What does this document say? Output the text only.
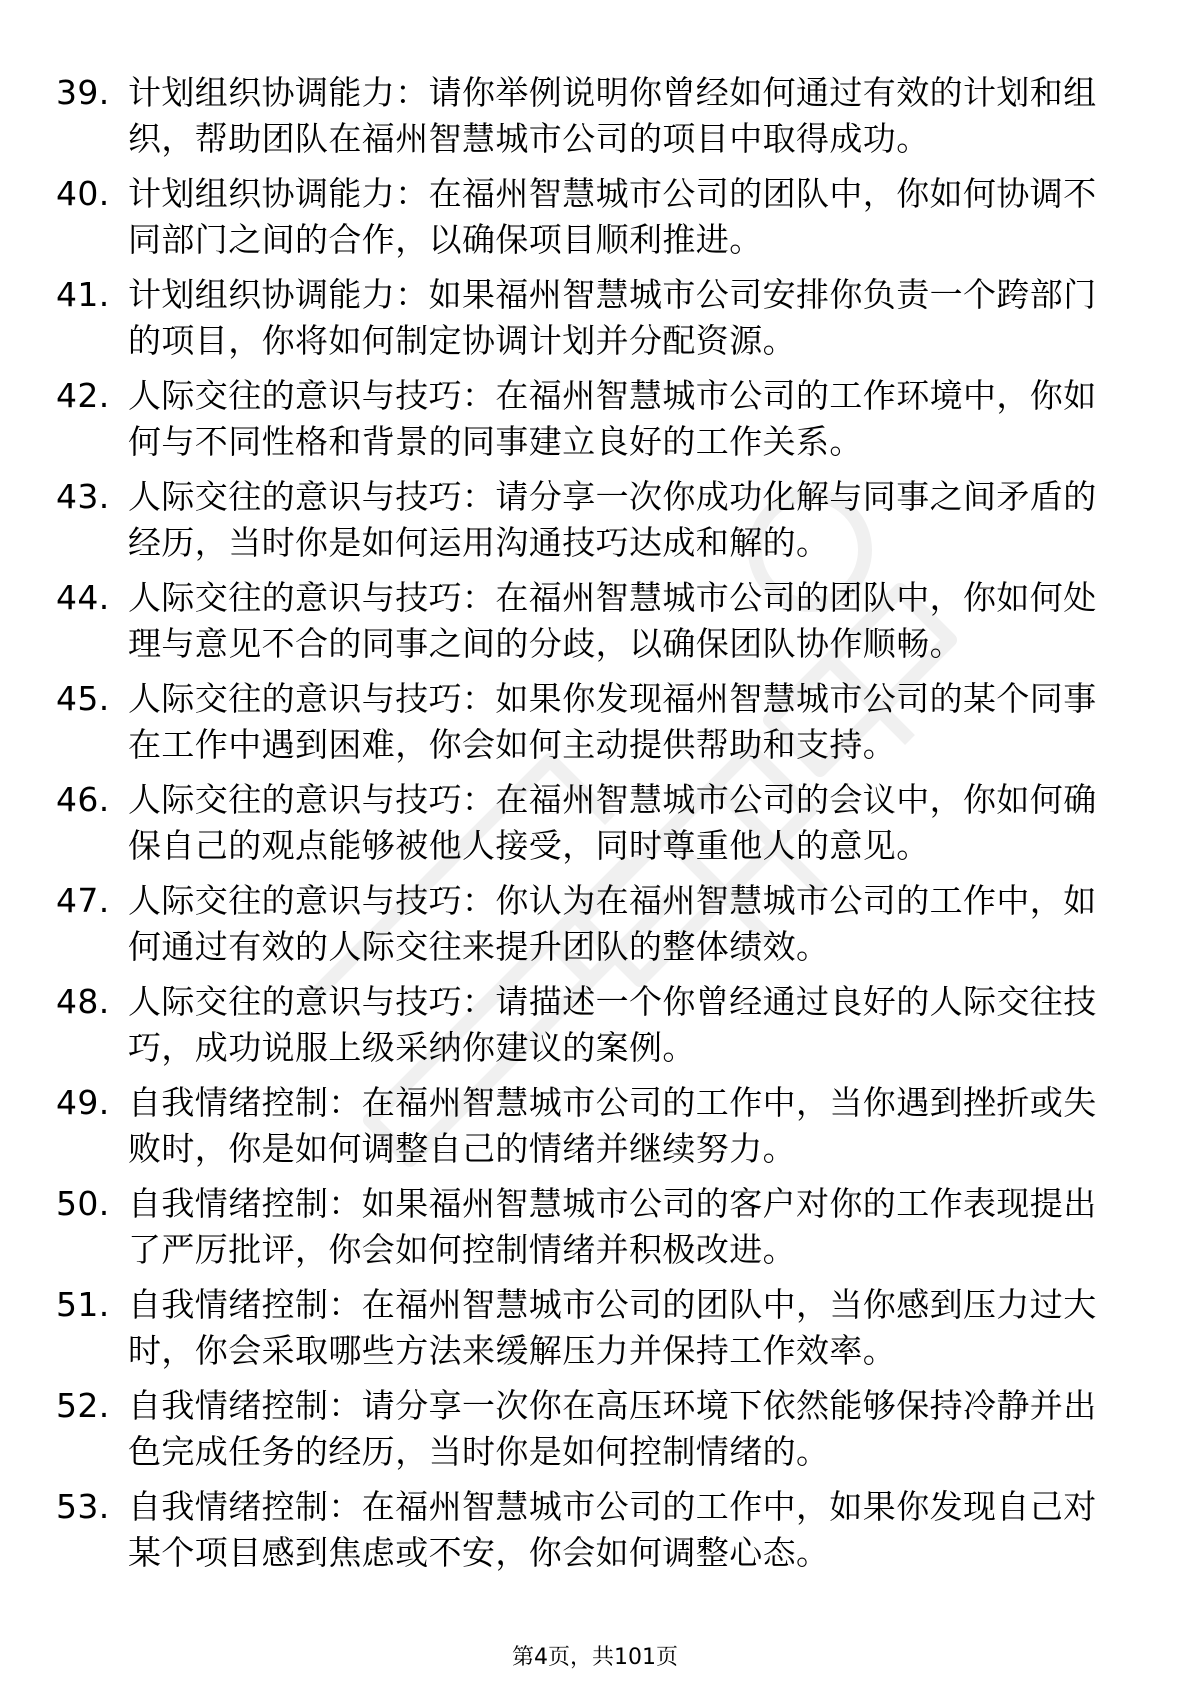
39. 计划组织协调能力：请你举例说明你曾经如何通过有效的计划和组织，帮助团队在福州智慧城市公司的项目中取得成功。
40. 计划组织协调能力：在福州智慧城市公司的团队中，你如何协调不同部门之间的合作，以确保项目顺利推进。
41. 计划组织协调能力：如果福州智慧城市公司安排你负责一个跨部门的项目，你将如何制定协调计划并分配资源。
42. 人际交往的意识与技巧：在福州智慧城市公司的工作环境中，你如何与不同性格和背景的同事建立良好的工作关系。
43. 人际交往的意识与技巧：请分享一次你成功化解与同事之间矛盾的经历，当时你是如何运用沟通技巧达成和解的。
44. 人际交往的意识与技巧：在福州智慧城市公司的团队中，你如何处理与意见不合的同事之间的分歧，以确保团队协作顺畅。
45. 人际交往的意识与技巧：如果你发现福州智慧城市公司的某个同事在工作中遇到困难，你会如何主动提供帮助和支持。
46. 人际交往的意识与技巧：在福州智慧城市公司的会议中，你如何确保自己的观点能够被他人接受，同时尊重他人的意见。
47. 人际交往的意识与技巧：你认为在福州智慧城市公司的工作中，如何通过有效的人际交往来提升团队的整体绩效。
48. 人际交往的意识与技巧：请描述一个你曾经通过良好的人际交往技巧，成功说服上级采纳你建议的案例。
49. 自我情绪控制：在福州智慧城市公司的工作中，当你遇到挫折或失败时，你是如何调整自己的情绪并继续努力。
50. 自我情绪控制：如果福州智慧城市公司的客户对你的工作表现提出了严厉批评，你会如何控制情绪并积极改进。
51. 自我情绪控制：在福州智慧城市公司的团队中，当你感到压力过大时，你会采取哪些方法来缓解压力并保持工作效率。
52. 自我情绪控制：请分享一次你在高压环境下依然能够保持冷静并出色完成任务的经历，当时你是如何控制情绪的。
53. 自我情绪控制：在福州智慧城市公司的工作中，如果你发现自己对某个项目感到焦虑或不安，你会如何调整心态。
第4页，共101页
